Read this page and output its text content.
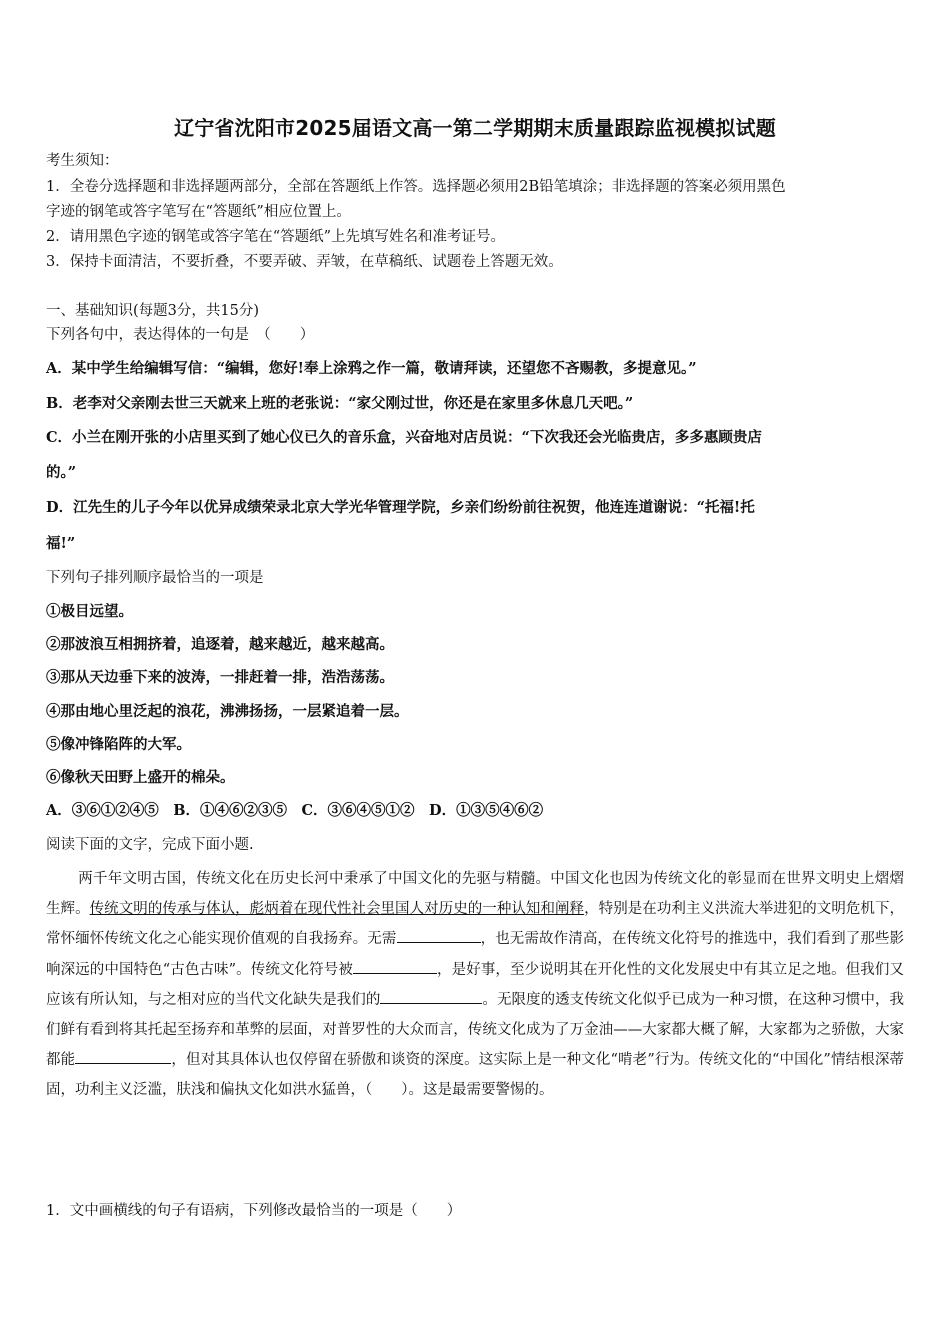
辽宁省沈阳市2025届语文高一第二学期期末质量跟踪监视模拟试题
考生须知：
1．全卷分选择题和非选择题两部分，全部在答题纸上作答。选择题必须用2B铅笔填涂；非选择题的答案必须用黑色
字迹的钢笔或答字笔写在“答题纸”相应位置上。
2．请用黑色字迹的钢笔或答字笔在“答题纸”上先填写姓名和准考证号。
3．保持卡面清洁，不要折叠，不要弄破、弄皱，在草稿纸、试题卷上答题无效。
一、基础知识(每题3分，共15分)
下列各句中，表达得体的一句是　（　　）
A．某中学生给编辑写信：“编辑，您好!奉上涂鸦之作一篇，敬请拜读，还望您不吝赐教，多提意见。”
B．老李对父亲刚去世三天就来上班的老张说：“家父刚过世，你还是在家里多休息几天吧。”
C．小兰在刚开张的小店里买到了她心仪已久的音乐盒，兴奋地对店员说：“下次我还会光临贵店，多多惠顾贵店
的。”
D．江先生的儿子今年以优异成绩荣录北京大学光华管理学院，乡亲们纷纷前往祝贺，他连连道谢说：“托福!托
福!”
下列句子排列顺序最恰当的一项是
①极目远望。
②那波浪互相拥挤着，追逐着，越来越近，越来越高。
③那从天边垂下来的波涛，一排赶着一排，浩浩荡荡。
④那由地心里泛起的浪花，沸沸扬扬，一层紧追着一层。
⑤像冲锋陷阵的大军。
⑥像秋天田野上盛开的棉朵。
A．③⑥①②④⑤　B．①④⑥②③⑤　C．③⑥④⑤①②　D．①③⑤④⑥②
阅读下面的文字，完成下面小题.
两千年文明古国，传统文化在历史长河中秉承了中国文化的先驱与精髓。中国文化也因为传统文化的彰显而在世界文明史上熠熠生辉。传统文明的传承与体认，彪炳着在现代性社会里国人对历史的一种认知和阐释，特别是在功利主义洪流大举进犯的文明危机下，常怀缅怀传统文化之心能实现价值观的自我扬弃。无需	，也无需故作清高，在传统文化符号的推选中，我们看到了那些影响深远的中国特色“古色古味”。传统文化符号被	，是好事，至少说明其在开化性的文化发展史中有其立足之地。但我们又应该有所认知，与之相对应的当代文化缺失是我们的	。无限度的透支传统文化似乎已成为一种习惯，在这种习惯中，我们鲜有看到将其托起至扬弃和革弊的层面，对普罗性的大众而言，传统文化成为了万金油——大家都大概了解，大家都为之骄傲，大家都能	，但对其具体认也仅停留在骄傲和谈资的深度。这实际上是一种文化“啃老”行为。传统文化的“中国化”情结根深蒂固，功利主义泛滥，肤浅和偏执文化如洪水猛兽，（　　）。这是最需要警惕的。
1．文中画横线的句子有语病，下列修改最恰当的一项是（　　）
